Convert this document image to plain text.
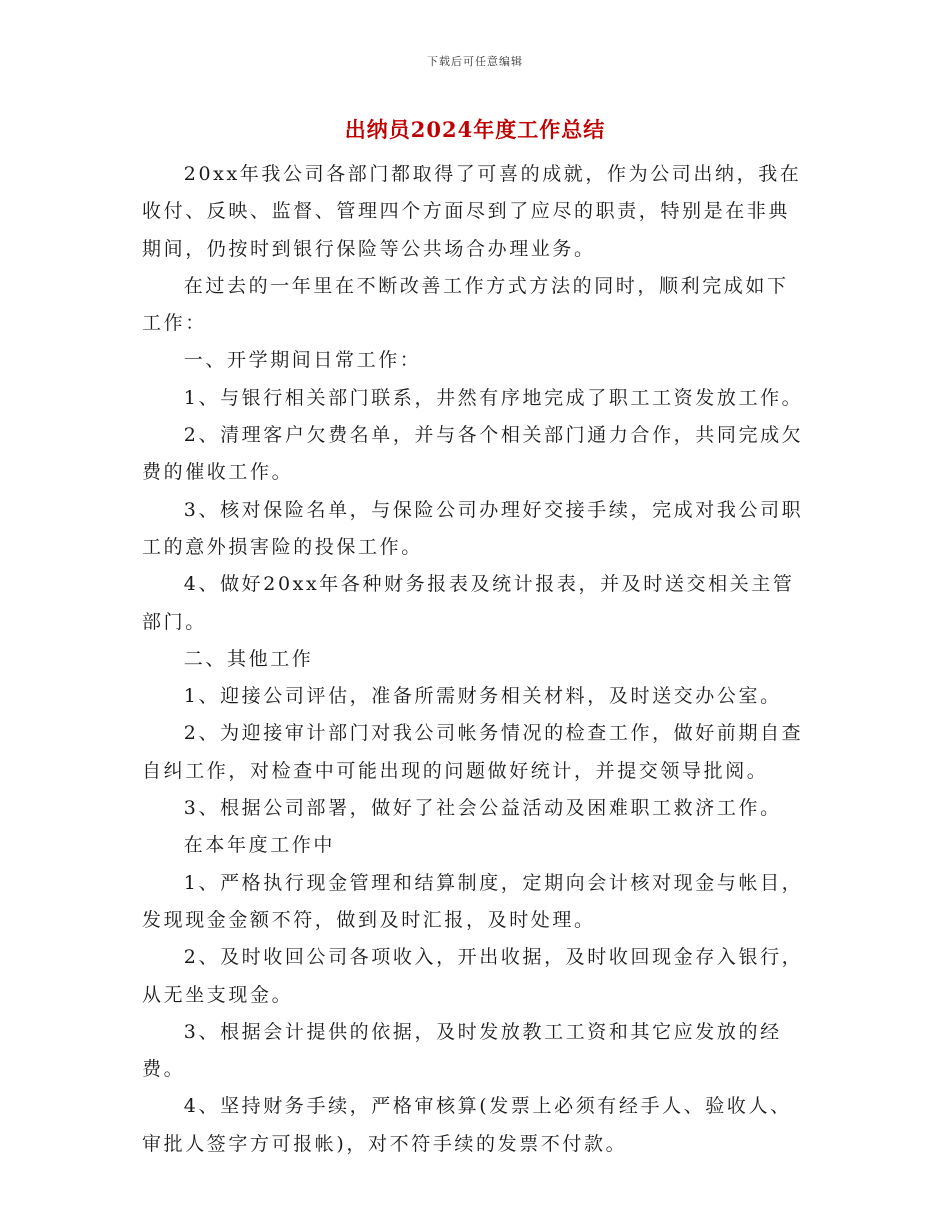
下载后可任意编辑
出纳员2024年度工作总结

20xx年我公司各部门都取得了可喜的成就，作为公司出纳，我在收付、反映、监督、管理四个方面尽到了应尽的职责，特别是在非典期间，仍按时到银行保险等公共场合办理业务。

在过去的一年里在不断改善工作方式方法的同时，顺利完成如下工作：

一、开学期间日常工作：

1、与银行相关部门联系，井然有序地完成了职工工资发放工作。

2、清理客户欠费名单，并与各个相关部门通力合作，共同完成欠费的催收工作。

3、核对保险名单，与保险公司办理好交接手续，完成对我公司职工的意外损害险的投保工作。

4、做好20xx年各种财务报表及统计报表，并及时送交相关主管部门。

二、其他工作

1、迎接公司评估，准备所需财务相关材料，及时送交办公室。

2、为迎接审计部门对我公司帐务情况的检查工作，做好前期自查自纠工作，对检查中可能出现的问题做好统计，并提交领导批阅。

3、根据公司部署，做好了社会公益活动及困难职工救济工作。

在本年度工作中

1、严格执行现金管理和结算制度，定期向会计核对现金与帐目，发现现金金额不符，做到及时汇报，及时处理。

2、及时收回公司各项收入，开出收据，及时收回现金存入银行，从无坐支现金。

3、根据会计提供的依据，及时发放教工工资和其它应发放的经费。

4、坚持财务手续，严格审核算(发票上必须有经手人、验收人、审批人签字方可报帐)，对不符手续的发票不付款。
